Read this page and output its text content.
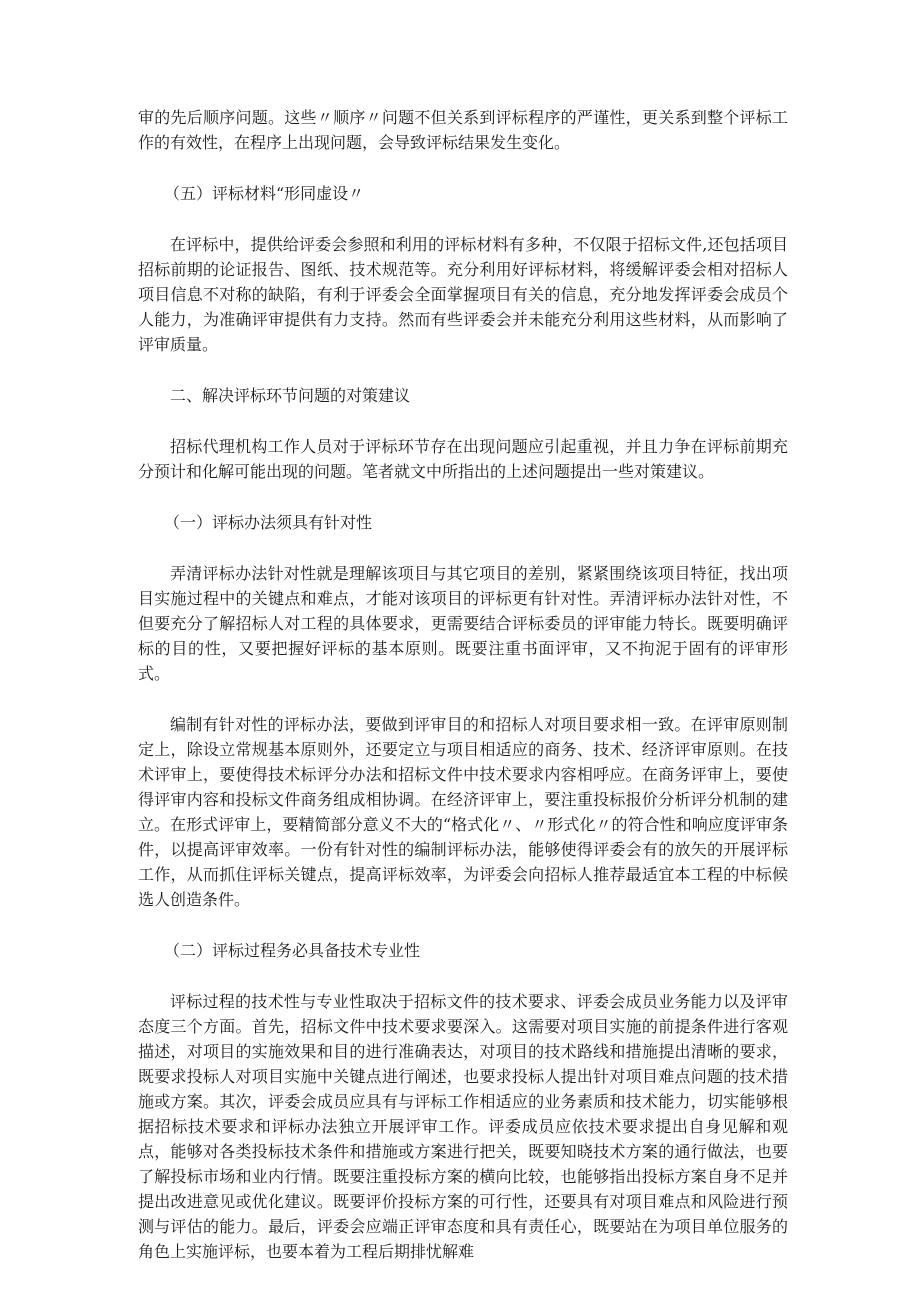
审的先后顺序问题。这些〃顺序〃问题不但关系到评标程序的严谨性，更关系到整个评标工作的有效性，在程序上出现问题，会导致评标结果发生变化。

（五）评标材料“形同虚设〃

在评标中，提供给评委会参照和利用的评标材料有多种，不仅限于招标文件,还包括项目招标前期的论证报告、图纸、技术规范等。充分利用好评标材料，将缓解评委会相对招标人项目信息不对称的缺陷，有利于评委会全面掌握项目有关的信息，充分地发挥评委会成员个人能力，为准确评审提供有力支持。然而有些评委会并未能充分利用这些材料，从而影响了评审质量。

二、解决评标环节问题的对策建议

招标代理机构工作人员对于评标环节存在出现问题应引起重视，并且力争在评标前期充分预计和化解可能出现的问题。笔者就文中所指出的上述问题提出一些对策建议。

（一）评标办法须具有针对性

弄清评标办法针对性就是理解该项目与其它项目的差别，紧紧围绕该项目特征，找出项目实施过程中的关键点和难点，才能对该项目的评标更有针对性。弄清评标办法针对性，不但要充分了解招标人对工程的具体要求，更需要结合评标委员的评审能力特长。既要明确评标的目的性，又要把握好评标的基本原则。既要注重书面评审，又不拘泥于固有的评审形式。

编制有针对性的评标办法，要做到评审目的和招标人对项目要求相一致。在评审原则制定上，除设立常规基本原则外，还要定立与项目相适应的商务、技术、经济评审原则。在技术评审上，要使得技术标评分办法和招标文件中技术要求内容相呼应。在商务评审上，要使得评审内容和投标文件商务组成相协调。在经济评审上，要注重投标报价分析评分机制的建立。在形式评审上，要精简部分意义不大的“格式化〃、〃形式化〃的符合性和响应度评审条件，以提高评审效率。一份有针对性的编制评标办法，能够使得评委会有的放矢的开展评标工作，从而抓住评标关键点，提高评标效率，为评委会向招标人推荐最适宜本工程的中标候选人创造条件。

（二）评标过程务必具备技术专业性

评标过程的技术性与专业性取决于招标文件的技术要求、评委会成员业务能力以及评审态度三个方面。首先，招标文件中技术要求要深入。这需要对项目实施的前提条件进行客观描述，对项目的实施效果和目的进行准确表达，对项目的技术路线和措施提出清晰的要求，既要求投标人对项目实施中关键点进行阐述，也要求投标人提出针对项目难点问题的技术措施或方案。其次，评委会成员应具有与评标工作相适应的业务素质和技术能力，切实能够根据招标技术要求和评标办法独立开展评审工作。评委成员应依技术要求提出自身见解和观点，能够对各类投标技术条件和措施或方案进行把关，既要知晓技术方案的通行做法，也要了解投标市场和业内行情。既要注重投标方案的横向比较，也能够指出投标方案自身不足并提出改进意见或优化建议。既要评价投标方案的可行性，还要具有对项目难点和风险进行预测与评估的能力。最后，评委会应端正评审态度和具有责任心，既要站在为项目单位服务的角色上实施评标，也要本着为工程后期排忧解难
